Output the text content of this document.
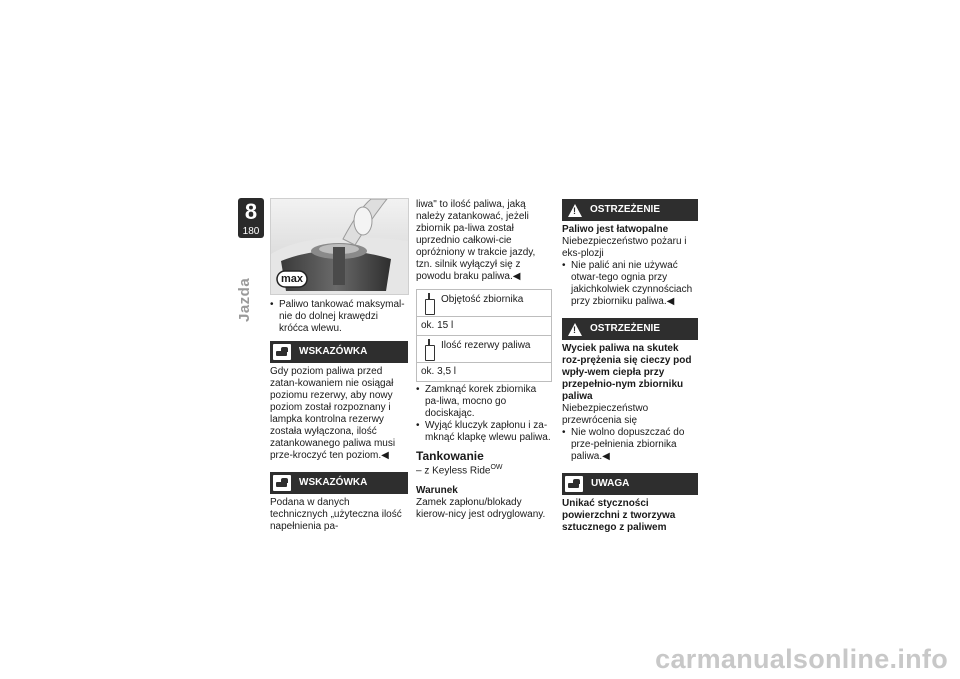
8
180
Jazda	max
• Paliwo tankować maksymal-nie do dolnej krawędzi króćca wlewu.
WSKAZÓWKA
Gdy poziom paliwa przed zatan-kowaniem nie osiągał poziomu rezerwy, aby nowy poziom został rozpoznany i lampka kontrolna rezerwy została wyłączona, ilość zatankowanego paliwa musi prze-kroczyć ten poziom.◀
WSKAZÓWKA
Podana w danych technicznych „użyteczna ilość napełnienia pa-
liwa" to ilość paliwa, jaką należy zatankować, jeżeli zbiornik pa-liwa został uprzednio całkowi-cie opróżniony w trakcie jazdy, tzn. silnik wyłączył się z powodu braku paliwa.◀
Objętość zbiornika
ok. 15 l
Ilość rezerwy paliwa
ok. 3,5 l
• Zamknąć korek zbiornika pa-liwa, mocno go dociskając.
• Wyjąć kluczyk zapłonu i za-mknąć klapkę wlewu paliwa.
Tankowanie
– z Keyless Ride$^{OW}$
Warunek
Zamek zapłonu/blokady kierow-nicy jest odryglowany.
!
OSTRZEŻENIE
Paliwo jest łatwopalne
Niebezpieczeństwo pożaru i eks-plozji
• Nie palić ani nie używać otwar-tego ognia przy jakichkolwiek czynnościach przy zbiorniku paliwa.◀
!
OSTRZEŻENIE
Wyciek paliwa na skutek roz-prężenia się cieczy pod wpły-wem ciepła przy przepełnio-nym zbiorniku paliwa
Niebezpieczeństwo przewrócenia się
• Nie wolno dopuszczać do prze-pełnienia zbiornika paliwa.◀
UWAGA
Unikać styczności powierzchni z tworzywa sztucznego z paliwem
carmanualsonline.info
